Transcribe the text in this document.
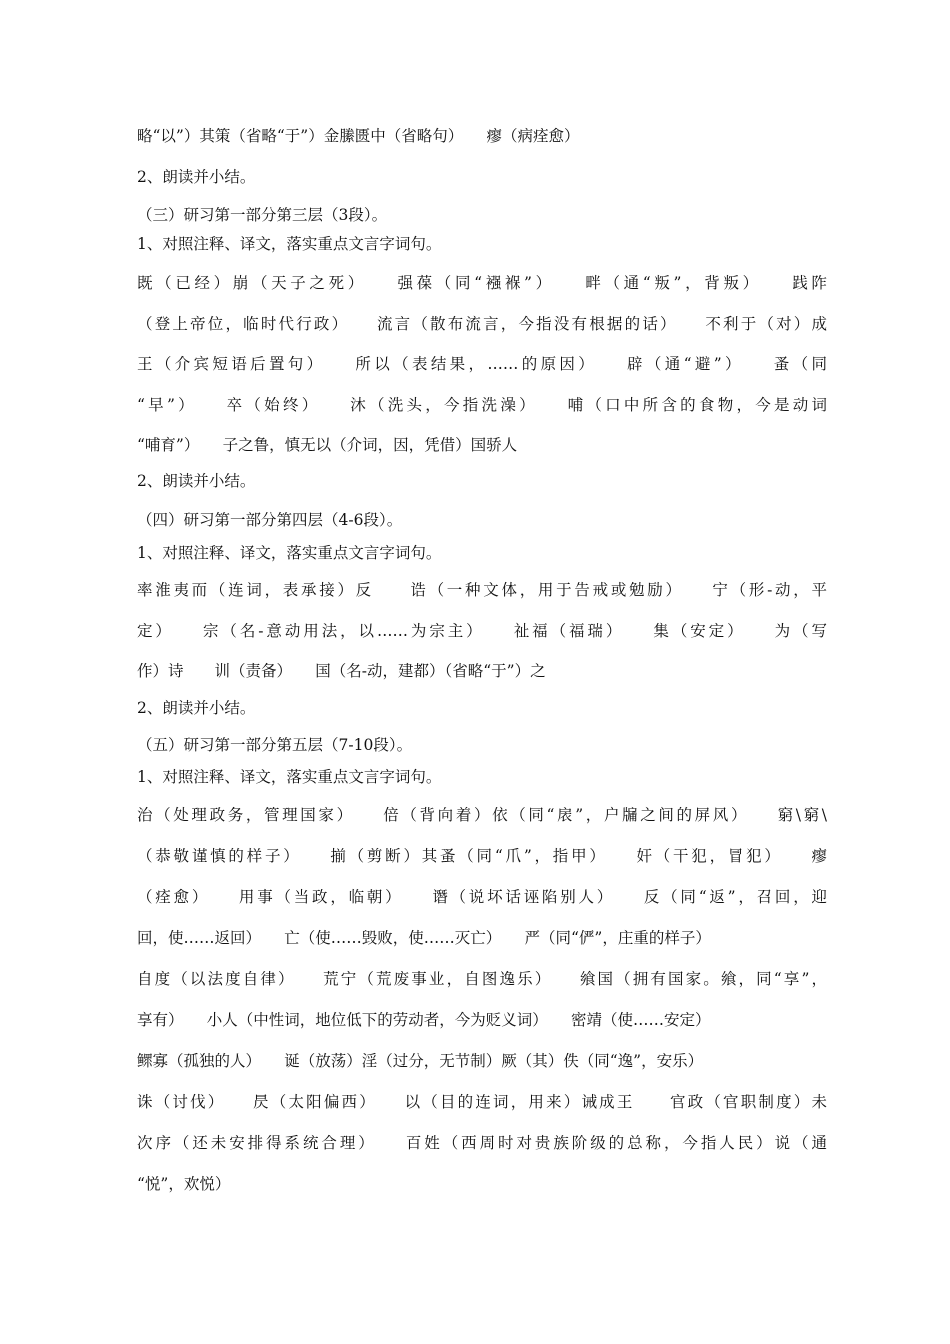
略“以”）其策（省略“于”）金縢匮中（省略句）　　瘳（病痊愈）
2、朗读并小结。
（三）研习第一部分第三层（3段）。
1、对照注释、译文，落实重点文言字词句。
既（已经）崩（天子之死）　　强葆（同“襁褓”）　　畔（通“叛”，背叛）　　践阼
（登上帝位，临时代行政）　　流言（散布流言，今指没有根据的话）　　不利于（对）成
王（介宾短语后置句）　　所以（表结果，……的原因）　　辟（通“避”）　　蚤（同
“早”）　　卒（始终）　　沐（洗头，今指洗澡）　　哺（口中所含的食物，今是动词
“哺育”）　　子之鲁，慎无以（介词，因，凭借）国骄人
2、朗读并小结。
（四）研习第一部分第四层（4-6段）。
1、对照注释、译文，落实重点文言字词句。
率淮夷而（连词，表承接）反　　诰（一种文体，用于告戒或勉励）　　宁（形-动，平
定）　　宗（名-意动用法，以……为宗主）　　祉福（福瑞）　　集（安定）　　为（写
作）诗　　训（责备）　　国（名-动，建都）（省略“于”）之
2、朗读并小结。
（五）研习第一部分第五层（7-10段）。
1、对照注释、译文，落实重点文言字词句。
治（处理政务，管理国家）　　倍（背向着）依（同“扆”，户牖之间的屏风）　　窮\窮\
（恭敬谨慎的样子）　　揃（剪断）其蚤（同“爪”，指甲）　　奸（干犯，冒犯）　　瘳
（痊愈）　　用事（当政，临朝）　　谮（说坏话诬陷别人）　　反（同“返”，召回，迎
回，使……返回）　　亡（使……毁败，使……灭亡）　　严（同“俨”，庄重的样子）
自度（以法度自律）　　荒宁（荒废事业，自图逸乐）　　飨国（拥有国家。飨，同“享”，
享有）　　小人（中性词，地位低下的劳动者，今为贬义词）　　密靖（使……安定）
鳏寡（孤独的人）　　诞（放荡）淫（过分，无节制）厥（其）佚（同“逸”，安乐）
诛（讨伐）　　昃（太阳偏西）　　以（目的连词，用来）诫成王　　官政（官职制度）未
次序（还未安排得系统合理）　　百姓（西周时对贵族阶级的总称，今指人民）说（通
“悦”，欢悦）
